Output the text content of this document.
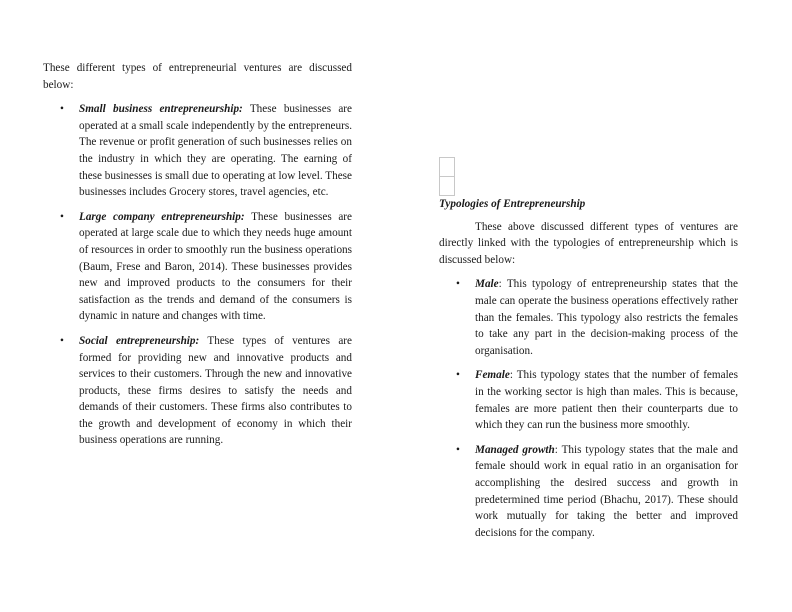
These different types of entrepreneurial ventures are discussed below:

• Small business entrepreneurship: These businesses are operated at a small scale independently by the entrepreneurs. The revenue or profit generation of such businesses relies on the industry in which they are operating. The earning of these businesses is small due to operating at low level. These businesses includes Grocery stores, travel agencies, etc.
• Large company entrepreneurship: These businesses are operated at large scale due to which they needs huge amount of resources in order to smoothly run the business operations (Baum, Frese and Baron, 2014). These businesses provides new and improved products to the consumers for their satisfaction as the trends and demand of the consumers is dynamic in nature and changes with time.
• Social entrepreneurship: These types of ventures are formed for providing new and innovative products and services to their customers. Through the new and innovative products, these firms desires to satisfy the needs and demands of their customers. These firms also contributes to the growth and development of economy in which their business operations are running.

Typologies of Entrepreneurship

These above discussed different types of ventures are directly linked with the typologies of entrepreneurship which is discussed below:

• Male: This typology of entrepreneurship states that the male can operate the business operations effectively rather than the females. This typology also restricts the females to take any part in the decision-making process of the organisation.
• Female: This typology states that the number of females in the working sector is high than males. This is because, females are more patient then their counterparts due to which they can run the business more smoothly.
• Managed growth: This typology states that the male and female should work in equal ratio in an organisation for accomplishing the desired success and growth in predetermined time period (Bhachu, 2017). These should work mutually for taking the better and improved decisions for the company.
